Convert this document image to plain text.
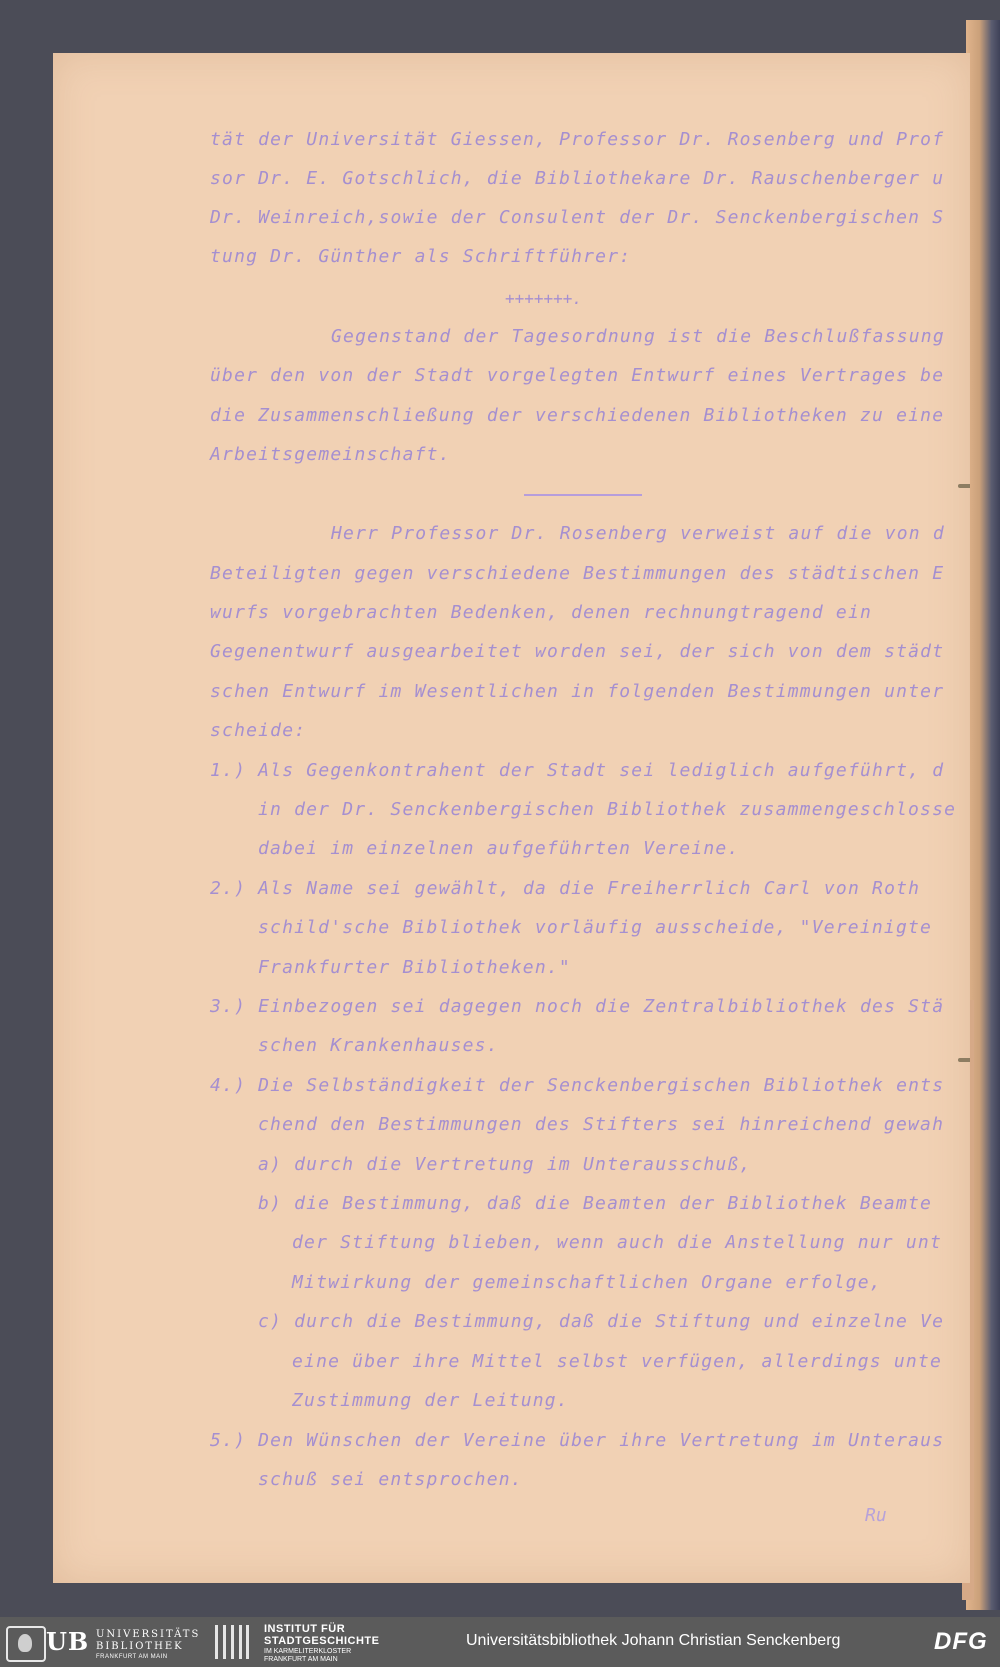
tät der Universität Giessen, Professor Dr. Rosenberg und Prof
sor Dr. E. Gotschlich, die Bibliothekare Dr. Rauschenberger u
Dr. Weinreich,sowie der Consulent der Dr. Senckenbergischen S
tung Dr. Günther als Schriftführer:
+++++++.
Gegenstand der Tagesordnung ist die Beschlußfassung
über den von der Stadt vorgelegten Entwurf eines Vertrages be
die Zusammenschließung der verschiedenen Bibliotheken zu eine
Arbeitsgemeinschaft.
Herr Professor Dr. Rosenberg verweist auf die von d
Beteiligten gegen verschiedene Bestimmungen des städtischen E
wurfs vorgebrachten Bedenken, denen rechnungtragend ein
Gegenentwurf ausgearbeitet worden sei, der sich von dem städt
schen Entwurf im Wesentlichen in folgenden Bestimmungen unter
scheide:
1.) Als Gegenkontrahent der Stadt sei lediglich aufgeführt, d
in der Dr. Senckenbergischen Bibliothek zusammengeschlosse
dabei im einzelnen aufgeführten Vereine.
2.) Als Name sei gewählt, da die Freiherrlich Carl von Roth
schild'sche Bibliothek vorläufig ausscheide, "Vereinigte
Frankfurter Bibliotheken."
3.) Einbezogen sei dagegen noch die Zentralbibliothek des Stä
schen Krankenhauses.
4.) Die Selbständigkeit der Senckenbergischen Bibliothek ents
chend den Bestimmungen des Stifters sei hinreichend gewah
a) durch die Vertretung im Unterausschuß,
b) die Bestimmung, daß die Beamten der Bibliothek Beamte
der Stiftung blieben, wenn auch die Anstellung nur unt
Mitwirkung der gemeinschaftlichen Organe erfolge,
c) durch die Bestimmung, daß die Stiftung und einzelne Ve
eine über ihre Mittel selbst verfügen, allerdings unte
Zustimmung der Leitung.
5.) Den Wünschen der Vereine über ihre Vertretung im Unteraus
schuß sei entsprochen.
Ru
UB UNIVERSITÄTS
BIBLIOTHEK
FRANKFURT AM MAIN
INSTITUT FÜR
STADTGESCHICHTE
IM KARMELITERKLOSTER
FRANKFURT AM MAIN
Universitätsbibliothek Johann Christian Senckenberg	DFG
